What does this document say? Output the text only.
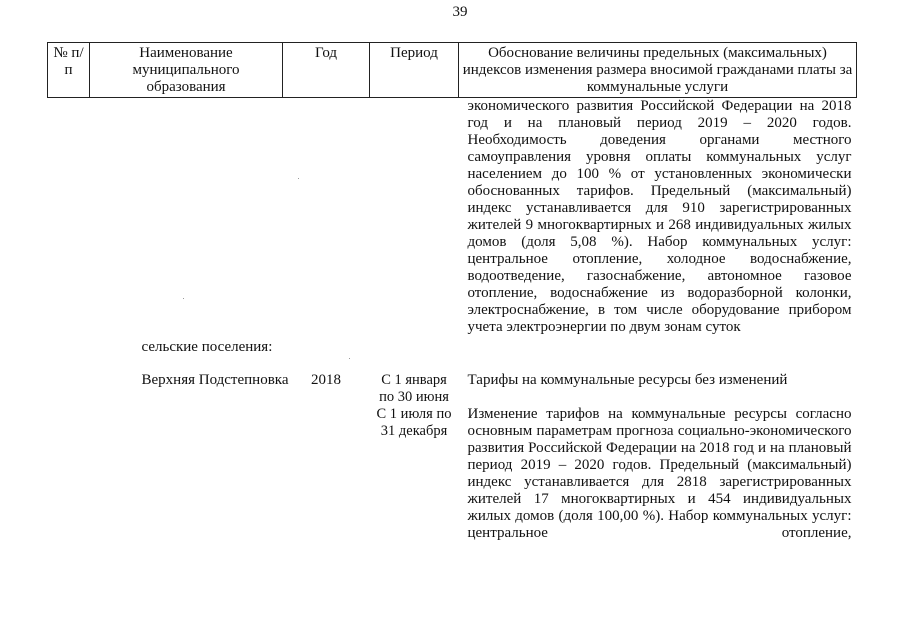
39
№ п/п	Наименование муниципального образования	Год	Период	Обоснование величины предельных (максимальных) индексов изменения размера вносимой гражданами платы за коммунальные услуги
				экономического развития Российской Федерации на 2018 год и на плановый период 2019 – 2020 годов. Необходимость доведения органами местного самоуправления уровня оплаты коммунальных услуг населением до 100 % от установленных экономически обоснованных тарифов. Предельный (максимальный) индекс устанавливается для 910 зарегистрированных жителей 9 многоквартирных и 268 индивидуальных жилых домов (доля 5,08 %). Набор коммунальных услуг: центральное отопление, холодное водоснабжение, водоотведение, газоснабжение, автономное газовое отопление, водоснабжение из водоразборной колонки, электроснабжение, в том числе оборудование прибором учета электроэнергии по двум зонам суток
	сельские поселения:			
	Верхняя Подстепновка	2018	С 1 января по 30 июня	Тарифы на коммунальные ресурсы без изменений
			С 1 июля по 31 декабря	Изменение тарифов на коммунальные ресурсы согласно основным параметрам прогноза социально-экономического развития Российской Федерации на 2018 год и на плановый период 2019 – 2020 годов. Предельный (максимальный) индекс устанавливается для 2818 зарегистрированных жителей 17 многоквартирных и 454 индивидуальных жилых домов (доля 100,00 %). Набор коммунальных услуг: центральное отопление,
